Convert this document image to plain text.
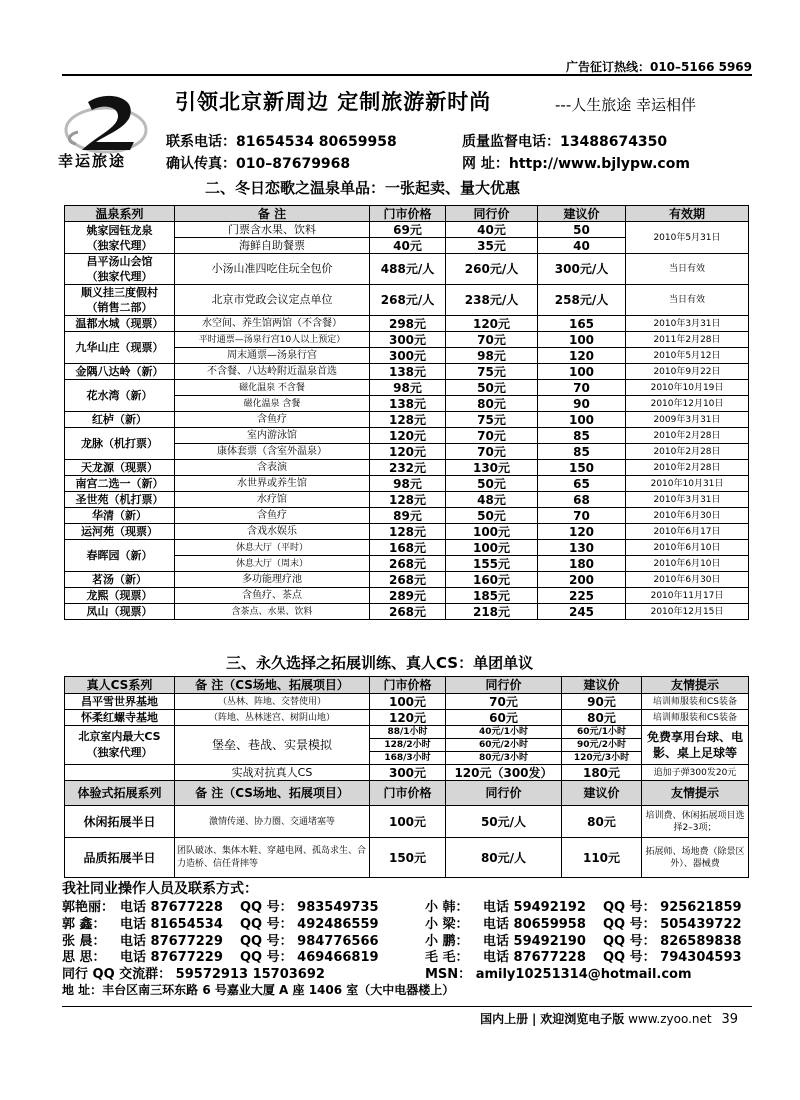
广告征订热线：010–5166 5969
幸运旅途
引领北京新周边 定制旅游新时尚	---人生旅途 幸运相伴
联系电话：81654534 80659958	质量监督电话：13488674350
确认传真：010–87679968	网 址：http://www.bjlypw.com
二、冬日恋歌之温泉单品：一张起卖、量大优惠
温泉系列	备 注	门市价格	同行价	建议价	有效期

姚家园钰龙泉
（独家代理）	门票含水果、饮料	69元	40元	50	2010年5月31日
	海鲜自助餐票	40元	35元	40	

昌平汤山会馆
（独家代理）	小汤山准四吃住玩全包价	488元/人	260元/人	300元/人	当日有效

顺义挂三度假村
（销售二部）	北京市党政会议定点单位	268元/人	238元/人	258元/人	当日有效
温都水城（现票）	水空间、养生馆两馆（不含餐）	298元	120元	165	2010年3月31日
九华山庄（现票）	平时通票—汤泉行宫10人以上预定）	300元	70元	100	2011年2月28日
	周末通票—汤泉行宫	300元	98元	120	2010年5月12日
金隅八达岭（新）	不含餐、八达岭附近温泉首选	138元	75元	100	2010年9月22日
花水湾（新）	磁化温泉 不含餐	98元	50元	70	2010年10月19日
	磁化温泉 含餐	138元	80元	90	2010年12月10日
红栌（新）	含鱼疗	128元	75元	100	2009年3月31日
龙脉（机打票）	室内游泳馆	120元	70元	85	2010年2月28日
	康体套票（含室外温泉）	120元	70元	85	2010年2月28日
天龙源（现票）	含表演	232元	130元	150	2010年2月28日
南宫二选一（新）	水世界或养生馆	98元	50元	65	2010年10月31日
圣世苑（机打票）	水疗馆	128元	48元	68	2010年3月31日
华清（新）	含鱼疗	89元	50元	70	2010年6月30日
运河苑（现票）	含戏水娱乐	128元	100元	120	2010年6月17日
春晖园（新）	休息大厅（平时）	168元	100元	130	2010年6月10日
	休息大厅（周末）	268元	155元	180	2010年6月10日
茗汤（新）	多功能理疗池	268元	160元	200	2010年6月30日
龙熙（现票）	含鱼疗、茶点	289元	185元	225	2010年11月17日
凤山（现票）	含茶点、水果、饮料	268元	218元	245	2010年12月15日
三、永久选择之拓展训练、真人CS：单团单议
真人CS系列	备 注（CS场地、拓展项目）	门市价格	同行价	建议价	友情提示
昌平雪世界基地	（丛林、阵地、交替使用）	100元	70元	90元	培训师服装和CS装备
怀柔红螺寺基地	（阵地、丛林迷宫、树阴山地）	120元	60元	80元	培训师服装和CS装备

北京室内最大CS
（独家代理）	堡垒、巷战、实景模拟	88/1小时	40元/1小时	60元/1小时	免费享用台球、电影、桌上足球等
		128/2小时	60元/2小时	90元/2小时	
		168/3小时	80元/3小时	120元/3小时	
	实战对抗真人CS	300元	120元（300发）	180元	追加子弹300发20元
体验式拓展系列	备 注（CS场地、拓展项目）	门市价格	同行价	建议价	友情提示
休闲拓展半日	激情传递、协力圈、交通堵塞等	100元	50元/人	80元	培训费、休闲拓展项目选择2–3项；
品质拓展半日	团队破冰、集体木鞋、穿越电网、孤岛求生、合力造桥、信任背摔等	150元	80元/人	110元	拓展师、场地费（除景区外）、器械费
我社同业操作人员及联系方式：
郭艳丽： 电话 87677228 QQ 号： 983549735
郭 鑫： 电话 81654534 QQ 号： 492486559
张 晨： 电话 87677229 QQ 号： 984776566
思 思： 电话 87677229 QQ 号： 469466819
小 韩： 电话 59492192 QQ 号： 925621859
小 梁： 电话 80659958 QQ 号： 505439722
小 鹏： 电话 59492190 QQ 号： 826589838
毛 毛： 电话 87677228 QQ 号： 794304593
同行 QQ 交流群： 59572913 15703692	MSN： amily10251314@hotmail.com
地 址：丰台区南三环东路 6 号嘉业大厦 A 座 1406 室（大中电器楼上）
国内上册 | 欢迎浏览电子版 www.zyoo.net 39
